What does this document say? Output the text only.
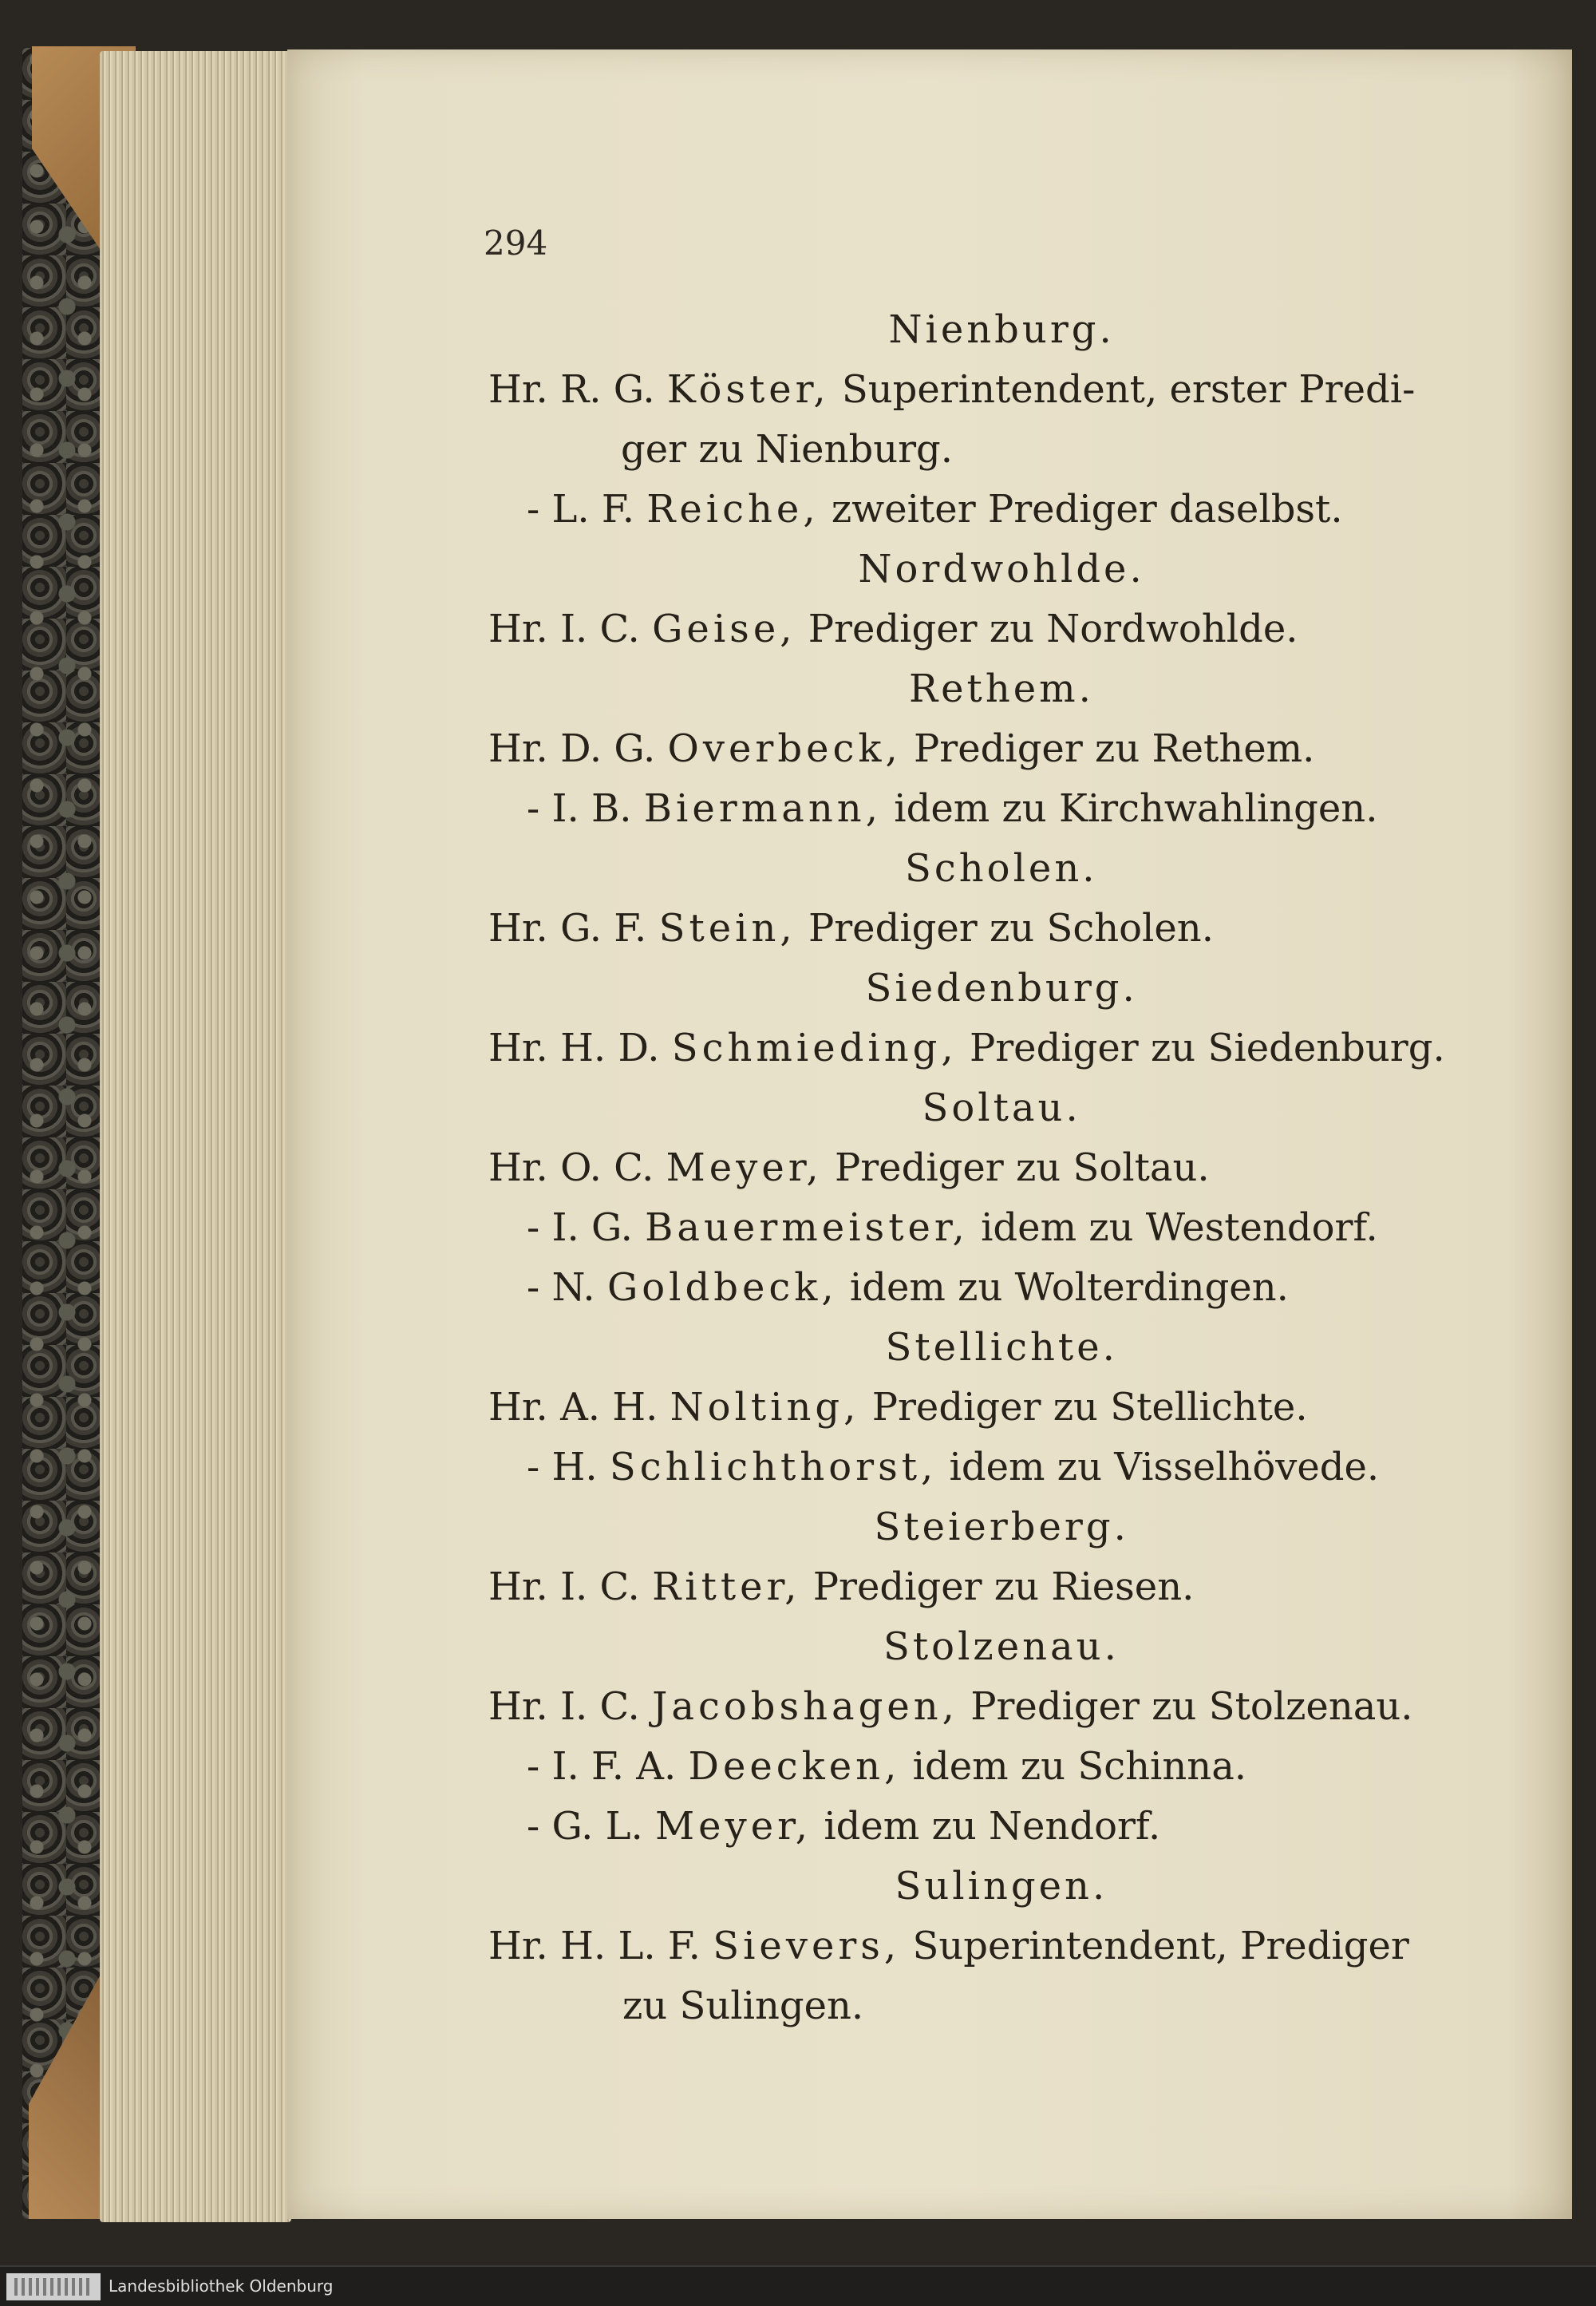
294
Nienburg.
Hr. R. G. Köster, Superintendent, erster Predi-
ger zu Nienburg.
- L. F. Reiche, zweiter Prediger daselbst.
Nordwohlde.
Hr. I. C. Geise, Prediger zu Nordwohlde.
Rethem.
Hr. D. G. Overbeck, Prediger zu Rethem.
- I. B. Biermann, idem zu Kirchwahlingen.
Scholen.
Hr. G. F. Stein, Prediger zu Scholen.
Siedenburg.
Hr. H. D. Schmieding, Prediger zu Siedenburg.
Soltau.
Hr. O. C. Meyer, Prediger zu Soltau.
- I. G. Bauermeister, idem zu Westendorf.
- N. Goldbeck, idem zu Wolterdingen.
Stellichte.
Hr. A. H. Nolting, Prediger zu Stellichte.
- H. Schlichthorst, idem zu Visselhövede.
Steierberg.
Hr. I. C. Ritter, Prediger zu Riesen.
Stolzenau.
Hr. I. C. Jacobshagen, Prediger zu Stolzenau.
- I. F. A. Deecken, idem zu Schinna.
- G. L. Meyer, idem zu Nendorf.
Sulingen.
Hr. H. L. F. Sievers, Superintendent, Prediger
zu Sulingen.
Landesbibliothek Oldenburg
